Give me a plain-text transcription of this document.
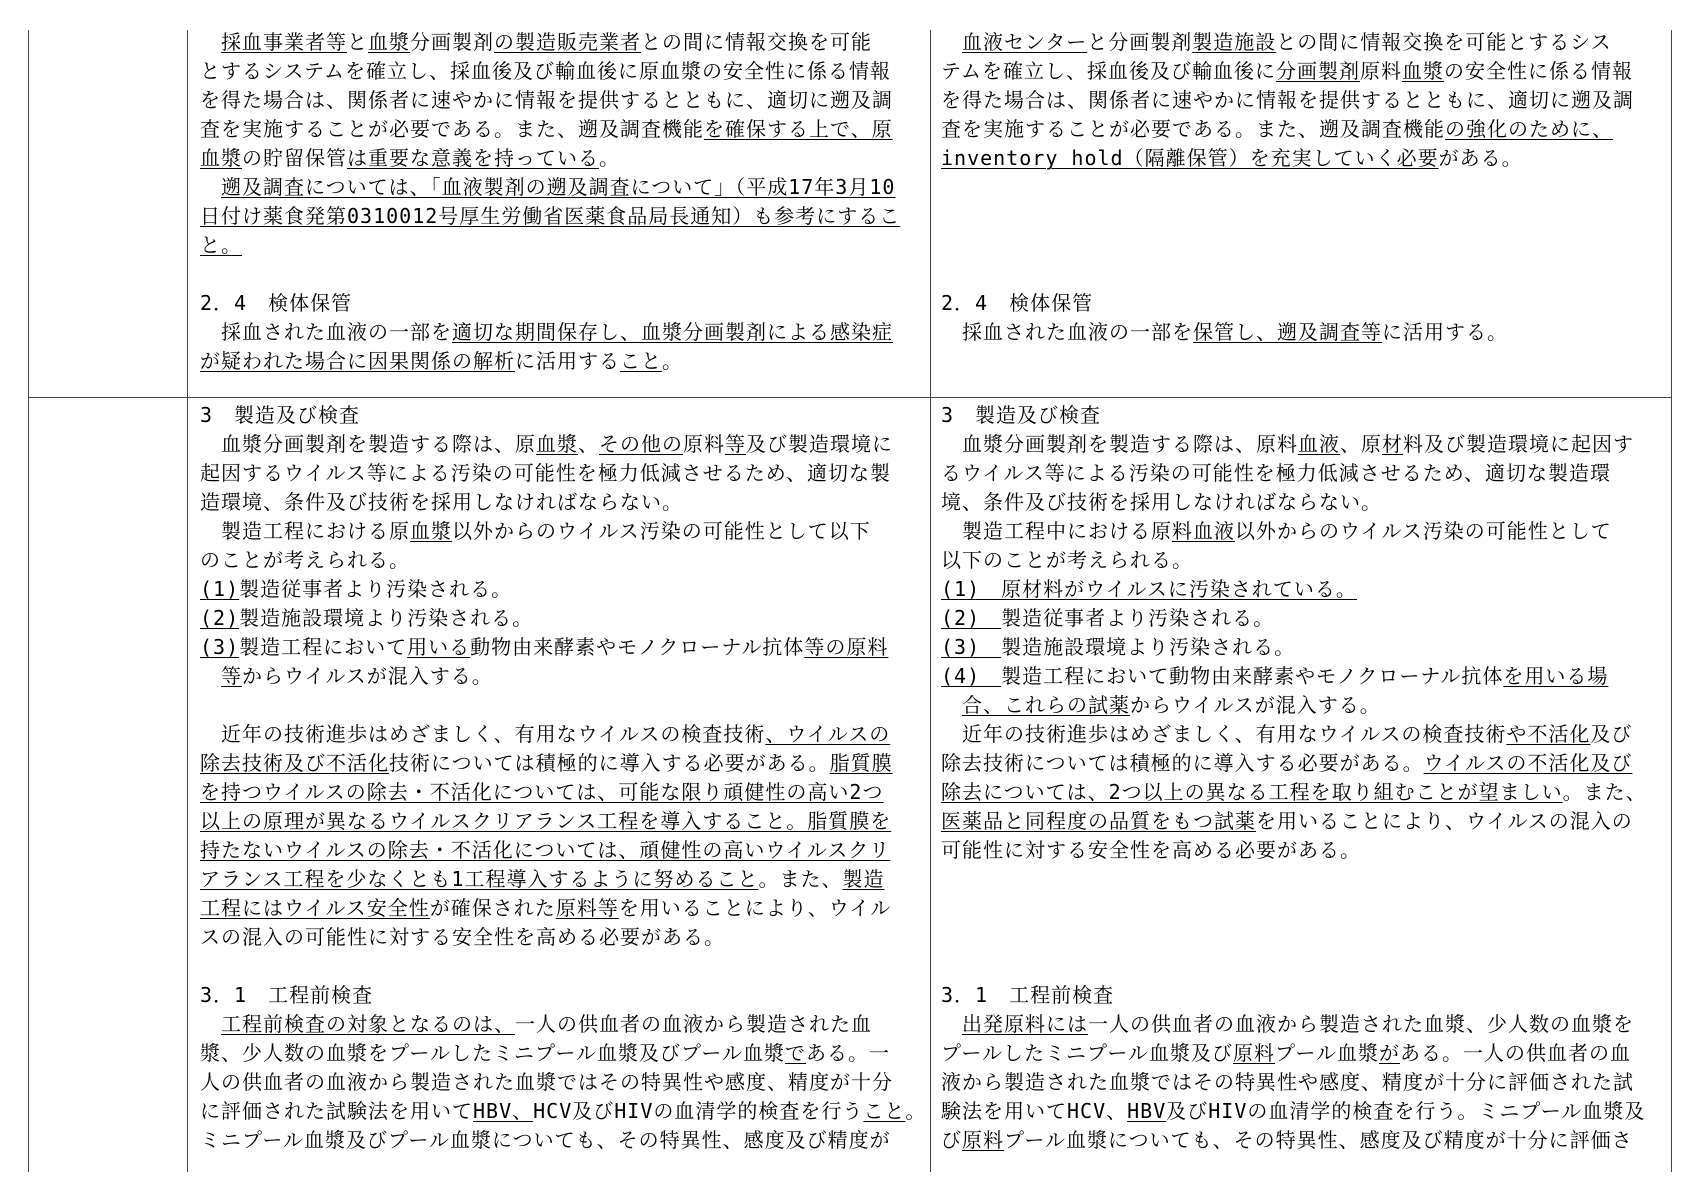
　採血事業者等と血漿分画製剤の製造販売業者との間に情報交換を可能
とするシステムを確立し、採血後及び輸血後に原血漿の安全性に係る情報
を得た場合は、関係者に速やかに情報を提供するとともに、適切に遡及調
査を実施することが必要である。また、遡及調査機能を確保する上で、原
血漿の貯留保管は重要な意義を持っている。
　遡及調査については、「血液製剤の遡及調査について」（平成17年3月10
日付け薬食発第0310012号厚生労働省医薬食品局長通知）も参考にするこ
と。
2．4　検体保管
　採血された血液の一部を適切な期間保存し、血漿分画製剤による感染症
が疑われた場合に因果関係の解析に活用すること。
　血液センターと分画製剤製造施設との間に情報交換を可能とするシス
テムを確立し、採血後及び輸血後に分画製剤原料血漿の安全性に係る情報
を得た場合は、関係者に速やかに情報を提供するとともに、適切に遡及調
査を実施することが必要である。また、遡及調査機能の強化のために、
inventory hold（隔離保管）を充実していく必要がある。
2．4　検体保管
　採血された血液の一部を保管し、遡及調査等に活用する。
3　製造及び検査
　血漿分画製剤を製造する際は、原血漿、その他の原料等及び製造環境に
起因するウイルス等による汚染の可能性を極力低減させるため、適切な製
造環境、条件及び技術を採用しなければならない。
　製造工程における原血漿以外からのウイルス汚染の可能性として以下
のことが考えられる。
(1)製造従事者より汚染される。
(2)製造施設環境より汚染される。
(3)製造工程において用いる動物由来酵素やモノクローナル抗体等の原料
　等からウイルスが混入する。
　近年の技術進歩はめざましく、有用なウイルスの検査技術、ウイルスの
除去技術及び不活化技術については積極的に導入する必要がある。脂質膜
を持つウイルスの除去・不活化については、可能な限り頑健性の高い2つ
以上の原理が異なるウイルスクリアランス工程を導入すること。脂質膜を
持たないウイルスの除去・不活化については、頑健性の高いウイルスクリ
アランス工程を少なくとも1工程導入するように努めること。また、製造
工程にはウイルス安全性が確保された原料等を用いることにより、ウイル
スの混入の可能性に対する安全性を高める必要がある。
3．1　工程前検査
　工程前検査の対象となるのは、一人の供血者の血液から製造された血
漿、少人数の血漿をプールしたミニプール血漿及びプール血漿である。一
人の供血者の血液から製造された血漿ではその特異性や感度、精度が十分
に評価された試験法を用いてHBV、HCV及びHIVの血清学的検査を行うこと。
ミニプール血漿及びプール血漿についても、その特異性、感度及び精度が
3　製造及び検査
　血漿分画製剤を製造する際は、原料血液、原材料及び製造環境に起因す
るウイルス等による汚染の可能性を極力低減させるため、適切な製造環
境、条件及び技術を採用しなければならない。
　製造工程中における原料血液以外からのウイルス汚染の可能性として
以下のことが考えられる。
(1)　原材料がウイルスに汚染されている。
(2)　製造従事者より汚染される。
(3)　製造施設環境より汚染される。
(4)　製造工程において動物由来酵素やモノクローナル抗体を用いる場
　合、これらの試薬からウイルスが混入する。
　近年の技術進歩はめざましく、有用なウイルスの検査技術や不活化及び
除去技術については積極的に導入する必要がある。ウイルスの不活化及び
除去については、2つ以上の異なる工程を取り組むことが望ましい。また、
医薬品と同程度の品質をもつ試薬を用いることにより、ウイルスの混入の
可能性に対する安全性を高める必要がある。
3．1　工程前検査
　出発原料には一人の供血者の血液から製造された血漿、少人数の血漿を
プールしたミニプール血漿及び原料プール血漿がある。一人の供血者の血
液から製造された血漿ではその特異性や感度、精度が十分に評価された試
験法を用いてHCV、HBV及びHIVの血清学的検査を行う。ミニプール血漿及
び原料プール血漿についても、その特異性、感度及び精度が十分に評価さ
